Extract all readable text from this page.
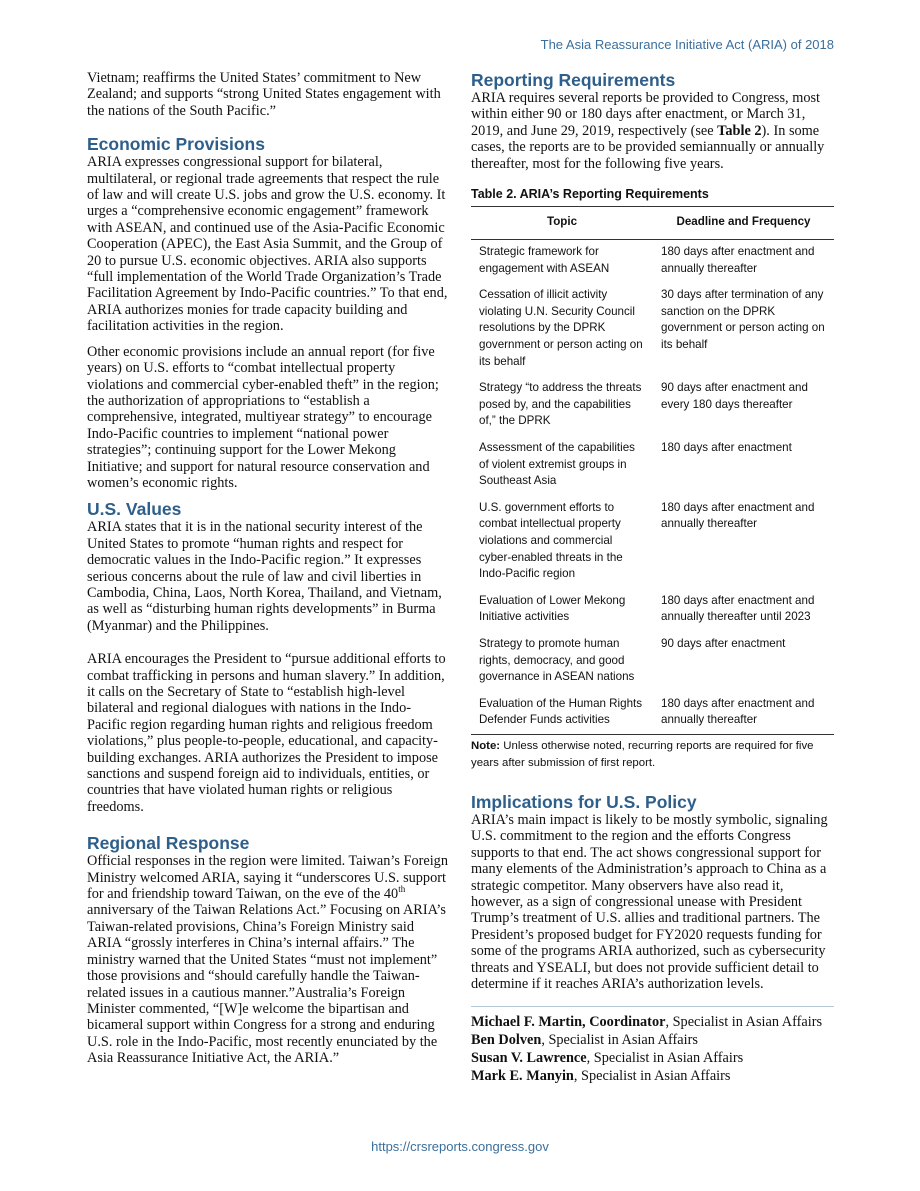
The Asia Reassurance Initiative Act (ARIA) of 2018

Vietnam; reaffirms the United States’ commitment to New Zealand; and supports “strong United States engagement with the nations of the South Pacific.”

Economic Provisions

ARIA expresses congressional support for bilateral, multilateral, or regional trade agreements that respect the rule of law and will create U.S. jobs and grow the U.S. economy. It urges a “comprehensive economic engagement” framework with ASEAN, and continued use of the Asia-Pacific Economic Cooperation (APEC), the East Asia Summit, and the Group of 20 to pursue U.S. economic objectives. ARIA also supports “full implementation of the World Trade Organization’s Trade Facilitation Agreement by Indo-Pacific countries.” To that end, ARIA authorizes monies for trade capacity building and facilitation activities in the region.

Other economic provisions include an annual report (for five years) on U.S. efforts to “combat intellectual property violations and commercial cyber-enabled theft” in the region; the authorization of appropriations to “establish a comprehensive, integrated, multiyear strategy” to encourage Indo-Pacific countries to implement “national power strategies”; continuing support for the Lower Mekong Initiative; and support for natural resource conservation and women’s economic rights.

U.S. Values

ARIA states that it is in the national security interest of the United States to promote “human rights and respect for democratic values in the Indo-Pacific region.” It expresses serious concerns about the rule of law and civil liberties in Cambodia, China, Laos, North Korea, Thailand, and Vietnam, as well as “disturbing human rights developments” in Burma (Myanmar) and the Philippines.

ARIA encourages the President to “pursue additional efforts to combat trafficking in persons and human slavery.” In addition, it calls on the Secretary of State to “establish high-level bilateral and regional dialogues with nations in the Indo-Pacific region regarding human rights and religious freedom violations,” plus people-to-people, educational, and capacity-building exchanges. ARIA authorizes the President to impose sanctions and suspend foreign aid to individuals, entities, or countries that have violated human rights or religious freedoms.

Regional Response

Official responses in the region were limited. Taiwan’s Foreign Ministry welcomed ARIA, saying it “underscores U.S. support for and friendship toward Taiwan, on the eve of the 40th anniversary of the Taiwan Relations Act.” Focusing on ARIA’s Taiwan-related provisions, China’s Foreign Ministry said ARIA “grossly interferes in China’s internal affairs.” The ministry warned that the United States “must not implement” those provisions and “should carefully handle the Taiwan-related issues in a cautious manner.”Australia’s Foreign Minister commented, “[W]e welcome the bipartisan and bicameral support within Congress for a strong and enduring U.S. role in the Indo-Pacific, most recently enunciated by the Asia Reassurance Initiative Act, the ARIA.”

Reporting Requirements

ARIA requires several reports be provided to Congress, most within either 90 or 180 days after enactment, or March 31, 2019, and June 29, 2019, respectively (see Table 2). In some cases, the reports are to be provided semiannually or annually thereafter, most for the following five years.

Table 2. ARIA’s Reporting Requirements
Topic	Deadline and Frequency
Strategic framework for engagement with ASEAN	180 days after enactment and annually thereafter
Cessation of illicit activity violating U.N. Security Council resolutions by the DPRK government or person acting on its behalf	30 days after termination of any sanction on the DPRK government or person acting on its behalf
Strategy “to address the threats posed by, and the capabilities of,” the DPRK	90 days after enactment and every 180 days thereafter
Assessment of the capabilities of violent extremist groups in Southeast Asia	180 days after enactment
U.S. government efforts to combat intellectual property violations and commercial cyber-enabled threats in the Indo-Pacific region	180 days after enactment and annually thereafter
Evaluation of Lower Mekong Initiative activities	180 days after enactment and annually thereafter until 2023
Strategy to promote human rights, democracy, and good governance in ASEAN nations	90 days after enactment
Evaluation of the Human Rights Defender Funds activities	180 days after enactment and annually thereafter
Note: Unless otherwise noted, recurring reports are required for five years after submission of first report.
Implications for U.S. Policy

ARIA’s main impact is likely to be mostly symbolic, signaling U.S. commitment to the region and the efforts Congress supports to that end. The act shows congressional support for many elements of the Administration’s approach to China as a strategic competitor. Many observers have also read it, however, as a sign of congressional unease with President Trump’s treatment of U.S. allies and traditional partners. The President’s proposed budget for FY2020 requests funding for some of the programs ARIA authorized, such as cybersecurity threats and YSEALI, but does not provide sufficient detail to determine if it reaches ARIA’s authorization levels.

Michael F. Martin, Coordinator, Specialist in Asian Affairs
Ben Dolven, Specialist in Asian Affairs
Susan V. Lawrence, Specialist in Asian Affairs
Mark E. Manyin, Specialist in Asian Affairs
https://crsreports.congress.gov
